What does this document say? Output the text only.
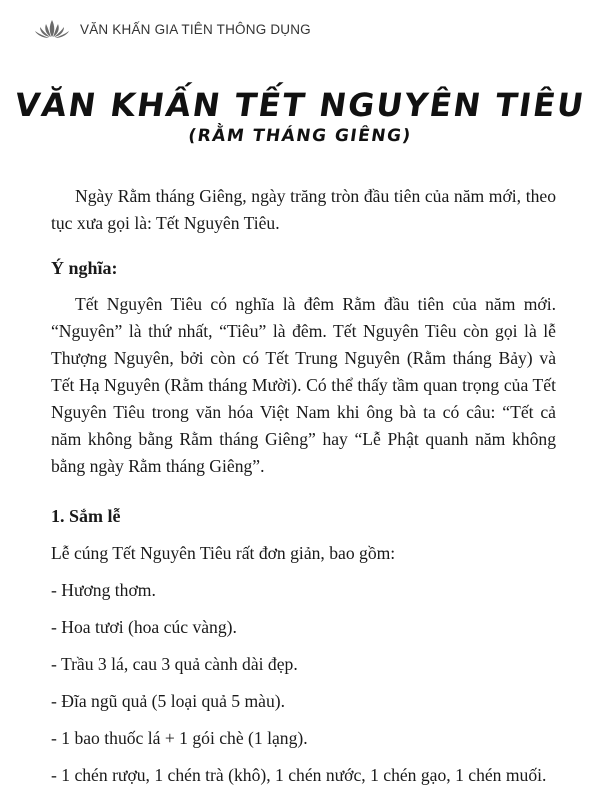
VĂN KHẤN GIA TIÊN THÔNG DỤNG
VĂN KHẤN TẾT NGUYÊN TIÊU
(RẰM THÁNG GIÊNG)

Ngày Rằm tháng Giêng, ngày trăng tròn đầu tiên của năm mới, theo tục xưa gọi là: Tết Nguyên Tiêu.

Ý nghĩa:

Tết Nguyên Tiêu có nghĩa là đêm Rằm đầu tiên của năm mới. “Nguyên” là thứ nhất, “Tiêu” là đêm. Tết Nguyên Tiêu còn gọi là lễ Thượng Nguyên, bởi còn có Tết Trung Nguyên (Rằm tháng Bảy) và Tết Hạ Nguyên (Rằm tháng Mười). Có thể thấy tầm quan trọng của Tết Nguyên Tiêu trong văn hóa Việt Nam khi ông bà ta có câu: “Tết cả năm không bằng Rằm tháng Giêng” hay “Lễ Phật quanh năm không bằng ngày Rằm tháng Giêng”.

1. Sắm lễ

Lễ cúng Tết Nguyên Tiêu rất đơn giản, bao gồm:

- Hương thơm.

- Hoa tươi (hoa cúc vàng).

- Trầu 3 lá, cau 3 quả cành dài đẹp.

- Đĩa ngũ quả (5 loại quả 5 màu).

- 1 bao thuốc lá + 1 gói chè (1 lạng).

- 1 chén rượu, 1 chén trà (khô), 1 chén nước, 1 chén gạo, 1 chén muối.
